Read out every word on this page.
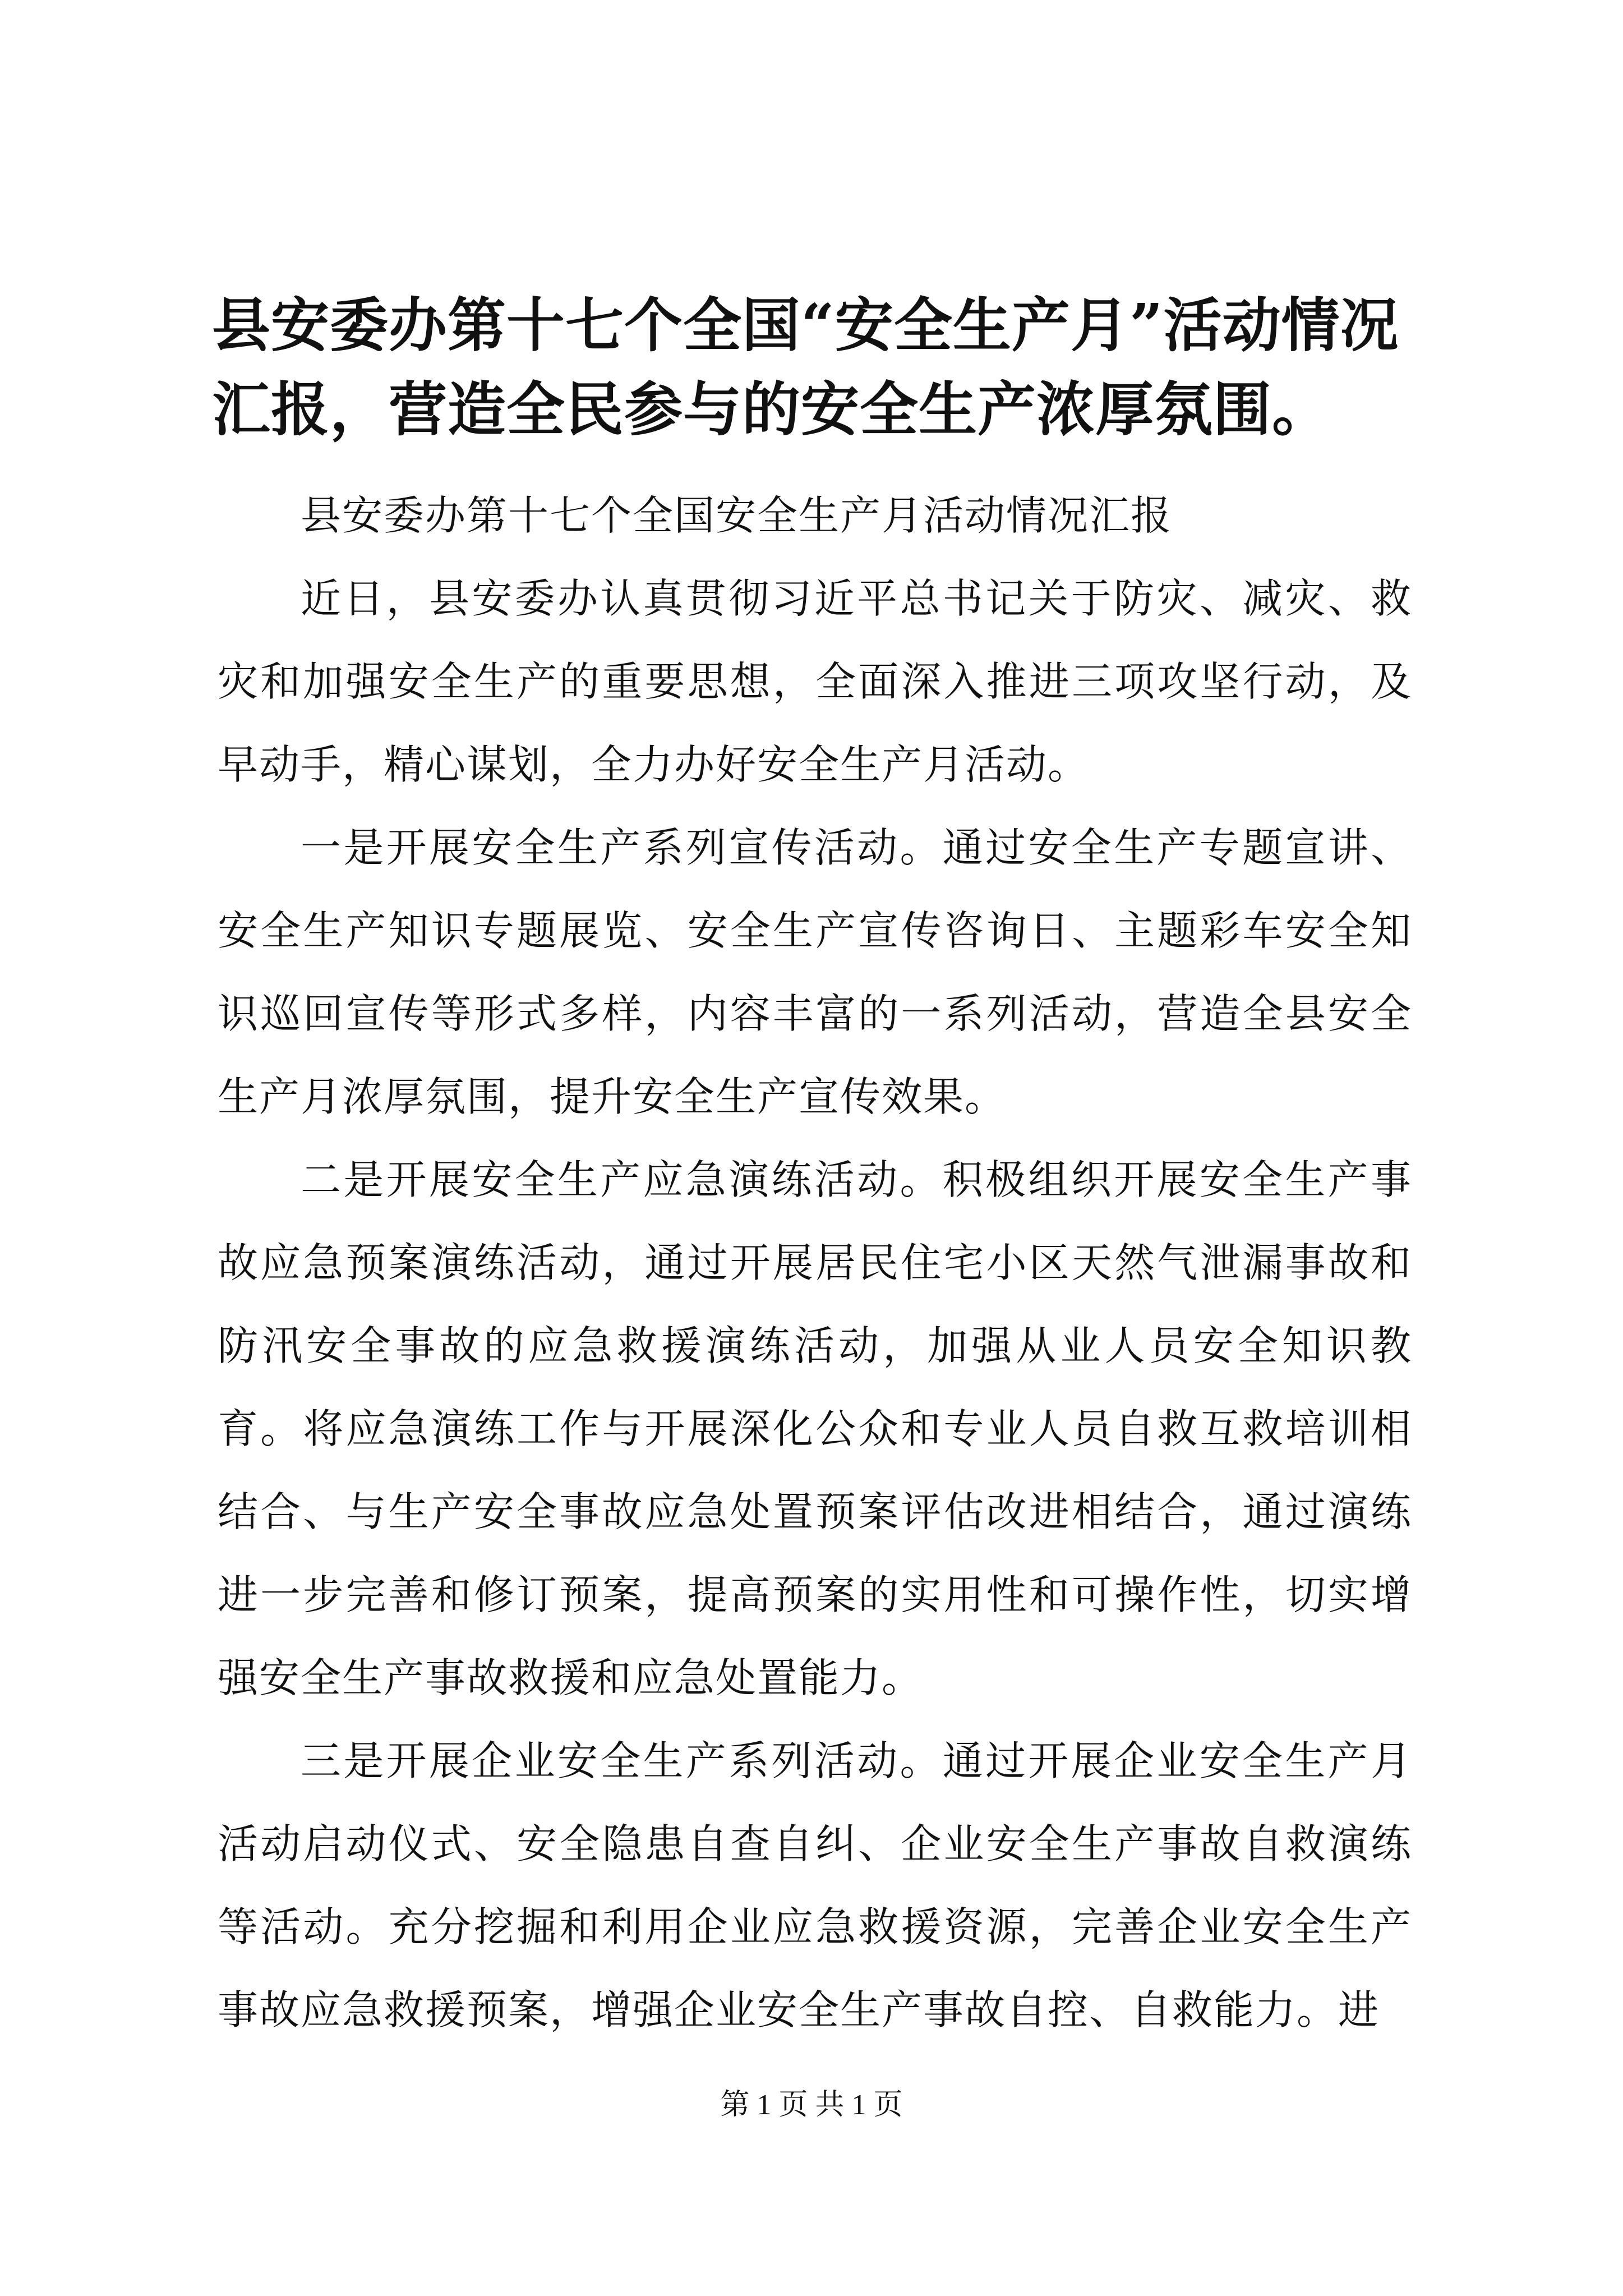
县安委办第十七个全国“安全生产月”活动情况汇报，营造全民参与的安全生产浓厚氛围。

县安委办第十七个全国安全生产月活动情况汇报

近日，县安委办认真贯彻习近平总书记关于防灾、减灾、救灾和加强安全生产的重要思想，全面深入推进三项攻坚行动，及早动手，精心谋划，全力办好安全生产月活动。

一是开展安全生产系列宣传活动。通过安全生产专题宣讲、安全生产知识专题展览、安全生产宣传咨询日、主题彩车安全知识巡回宣传等形式多样，内容丰富的一系列活动，营造全县安全生产月浓厚氛围，提升安全生产宣传效果。

二是开展安全生产应急演练活动。积极组织开展安全生产事故应急预案演练活动，通过开展居民住宅小区天然气泄漏事故和防汛安全事故的应急救援演练活动，加强从业人员安全知识教育。将应急演练工作与开展深化公众和专业人员自救互救培训相结合、与生产安全事故应急处置预案评估改进相结合，通过演练进一步完善和修订预案，提高预案的实用性和可操作性，切实增强安全生产事故救援和应急处置能力。

三是开展企业安全生产系列活动。通过开展企业安全生产月活动启动仪式、安全隐患自查自纠、企业安全生产事故自救演练等活动。充分挖掘和利用企业应急救援资源，完善企业安全生产事故应急救援预案，增强企业安全生产事故自控、自救能力。进

第 1 页 共 1 页
